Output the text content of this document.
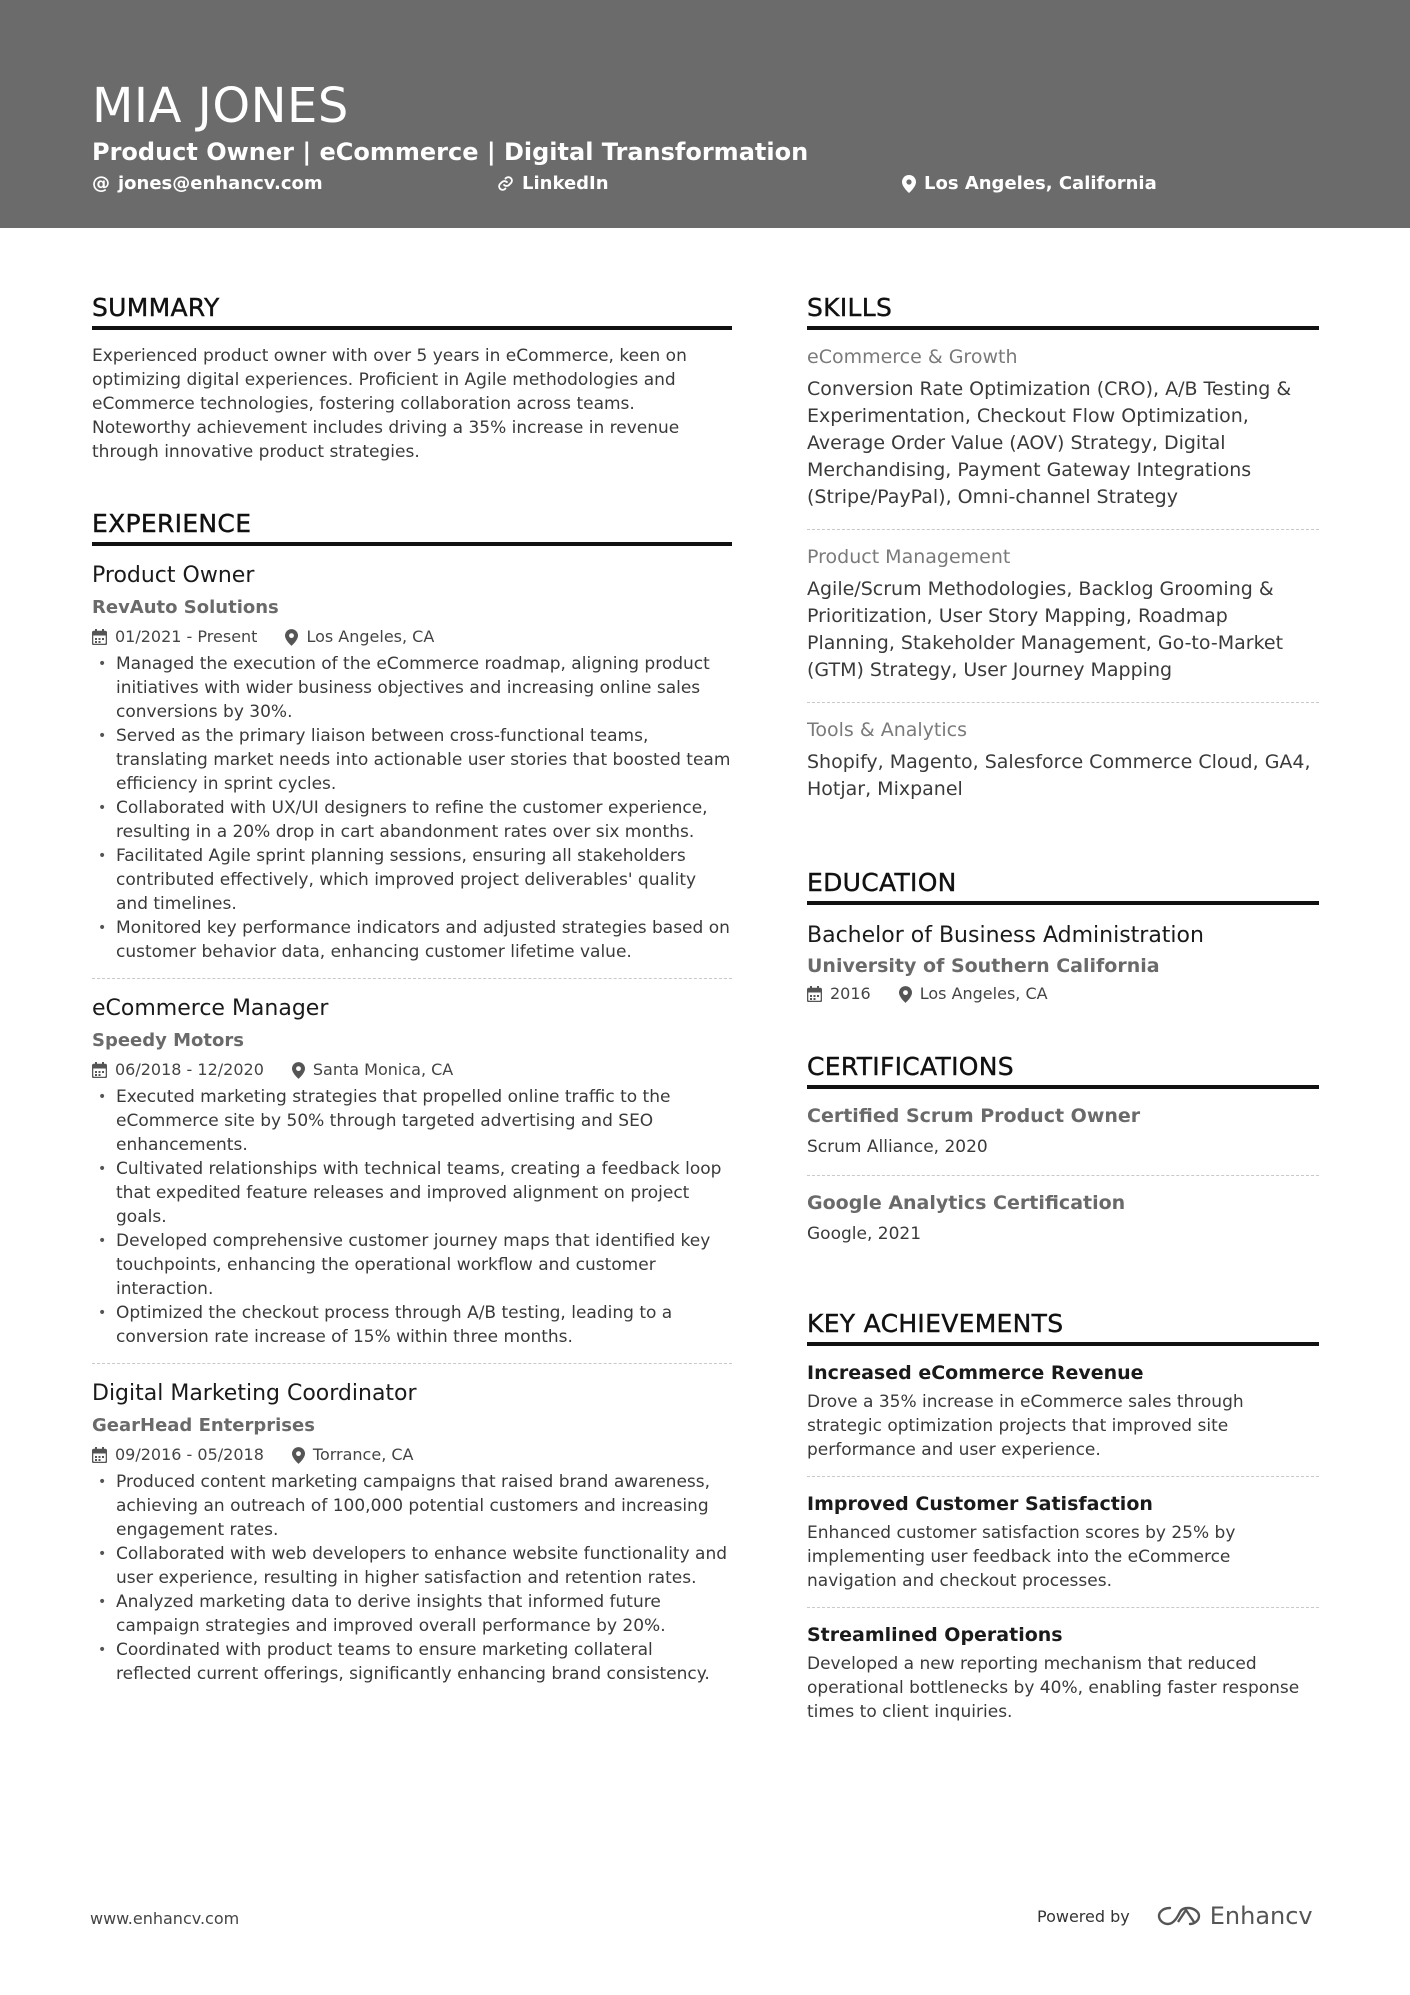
MIA JONES
Product Owner | eCommerce | Digital Transformation
@ jones@enhancv.com	LinkedIn	Los Angeles, California
SUMMARY
Experienced product owner with over 5 years in eCommerce, keen on optimizing digital experiences. Proficient in Agile methodologies and eCommerce technologies, fostering collaboration across teams. Noteworthy achievement includes driving a 35% increase in revenue through innovative product strategies.
EXPERIENCE
Product Owner
RevAuto Solutions
01/2021 - Present	Los Angeles, CA
• Managed the execution of the eCommerce roadmap, aligning product initiatives with wider business objectives and increasing online sales conversions by 30%.
• Served as the primary liaison between cross-functional teams, translating market needs into actionable user stories that boosted team efficiency in sprint cycles.
• Collaborated with UX/UI designers to refine the customer experience, resulting in a 20% drop in cart abandonment rates over six months.
• Facilitated Agile sprint planning sessions, ensuring all stakeholders contributed effectively, which improved project deliverables' quality and timelines.
• Monitored key performance indicators and adjusted strategies based on customer behavior data, enhancing customer lifetime value.
eCommerce Manager
Speedy Motors
06/2018 - 12/2020	Santa Monica, CA
• Executed marketing strategies that propelled online traffic to the eCommerce site by 50% through targeted advertising and SEO enhancements.
• Cultivated relationships with technical teams, creating a feedback loop that expedited feature releases and improved alignment on project goals.
• Developed comprehensive customer journey maps that identified key touchpoints, enhancing the operational workflow and customer interaction.
• Optimized the checkout process through A/B testing, leading to a conversion rate increase of 15% within three months.
Digital Marketing Coordinator
GearHead Enterprises
09/2016 - 05/2018	Torrance, CA
• Produced content marketing campaigns that raised brand awareness, achieving an outreach of 100,000 potential customers and increasing engagement rates.
• Collaborated with web developers to enhance website functionality and user experience, resulting in higher satisfaction and retention rates.
• Analyzed marketing data to derive insights that informed future campaign strategies and improved overall performance by 20%.
• Coordinated with product teams to ensure marketing collateral reflected current offerings, significantly enhancing brand consistency.
SKILLS
eCommerce & Growth
Conversion Rate Optimization (CRO), A/B Testing & Experimentation, Checkout Flow Optimization, Average Order Value (AOV) Strategy, Digital Merchandising, Payment Gateway Integrations (Stripe/PayPal), Omni-channel Strategy
Product Management
Agile/Scrum Methodologies, Backlog Grooming & Prioritization, User Story Mapping, Roadmap Planning, Stakeholder Management, Go-to-Market (GTM) Strategy, User Journey Mapping
Tools & Analytics
Shopify, Magento, Salesforce Commerce Cloud, GA4, Hotjar, Mixpanel
EDUCATION
Bachelor of Business Administration
University of Southern California
2016	Los Angeles, CA
CERTIFICATIONS
Certified Scrum Product Owner
Scrum Alliance, 2020
Google Analytics Certification
Google, 2021
KEY ACHIEVEMENTS
Increased eCommerce Revenue
Drove a 35% increase in eCommerce sales through strategic optimization projects that improved site performance and user experience.
Improved Customer Satisfaction
Enhanced customer satisfaction scores by 25% by implementing user feedback into the eCommerce navigation and checkout processes.
Streamlined Operations
Developed a new reporting mechanism that reduced operational bottlenecks by 40%, enabling faster response times to client inquiries.
www.enhancv.com	Powered by	Enhancv
